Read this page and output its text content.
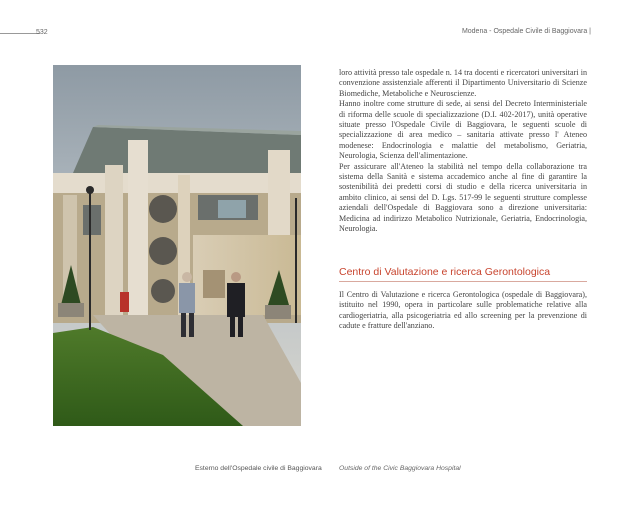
532	Modena - Ospedale Civile di Baggiovara |

loro attività presso tale ospedale n. 14 tra docenti e ricercatori universitari in convenzione assistenziale afferenti il Dipartimento Universitario di Scienze Biomediche, Metaboliche e Neuroscienze.

Hanno inoltre come strutture di sede, ai sensi del Decreto Interministeriale di riforma delle scuole di specializzazione (D.I. 402-2017), unità operative situate presso l'Ospedale Civile di Baggiovara, le seguenti scuole di specializzazione di area medico – sanitaria attivate presso l' Ateneo modenese: Endocrinologia e malattie del metabolismo, Geriatria, Neurologia, Scienza dell'alimentazione.

Per assicurare all'Ateneo la stabilità nel tempo della collaborazione tra sistema della Sanità e sistema accademico anche al fine di garantire la sostenibilità dei predetti corsi di studio e della ricerca universitaria in ambito clinico, ai sensi del D. Lgs. 517-99 le seguenti strutture complesse aziendali dell'Ospedale di Baggiovara sono a direzione universitaria: Medicina ad indirizzo Metabolico Nutrizionale, Geriatria, Endocrinologia, Neurologia.

Centro di Valutazione e ricerca Gerontologica
Il Centro di Valutazione e ricerca Gerontologica (ospedale di Baggiovara), istituito nel 1990, opera in particolare sulle problematiche relative alla cardiogeriatria, alla psicogeriatria ed allo screening per la prevenzione di cadute e fratture dell'anziano.
Esterno dell'Ospedale civile di Baggiovara	Outside of the Civic Baggiovara Hospital
